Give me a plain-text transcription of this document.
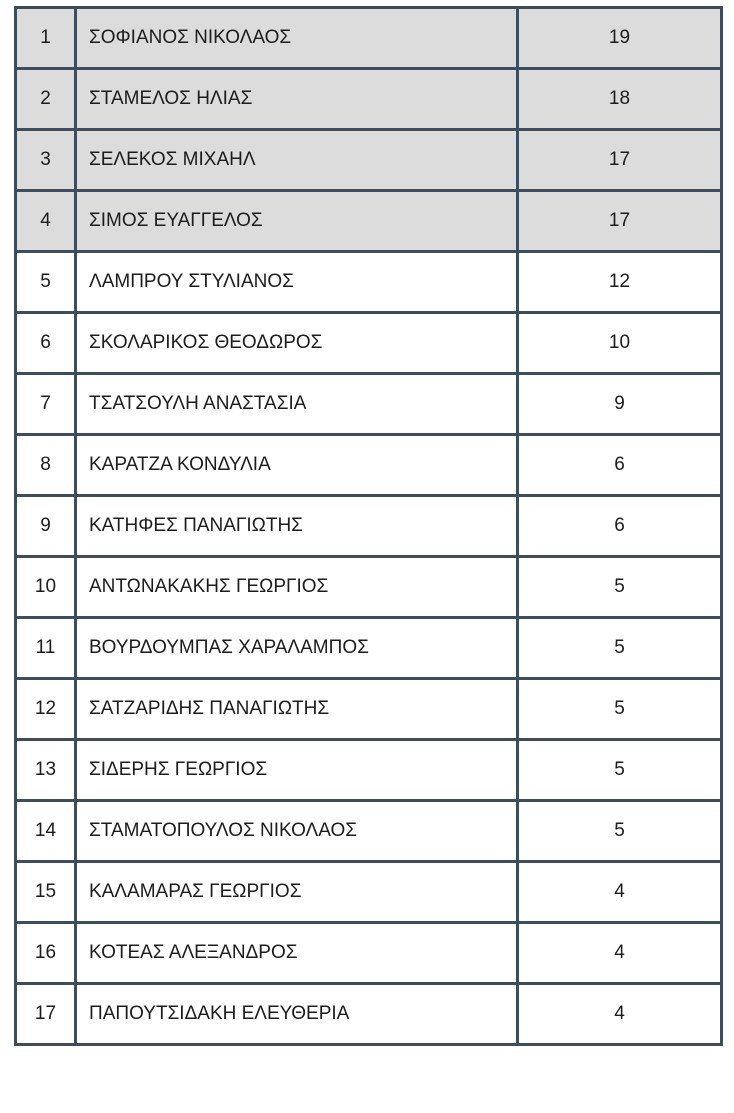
1	ΣΟΦΙΑΝΟΣ ΝΙΚΟΛΑΟΣ	19
2	ΣΤΑΜΕΛΟΣ ΗΛΙΑΣ	18
3	ΣΕΛΕΚΟΣ ΜΙΧΑΗΛ	17
4	ΣΙΜΟΣ ΕΥΑΓΓΕΛΟΣ	17
5	ΛΑΜΠΡΟΥ ΣΤΥΛΙΑΝΟΣ	12
6	ΣΚΟΛΑΡΙΚΟΣ ΘΕΟΔΩΡΟΣ	10
7	ΤΣΑΤΣΟΥΛΗ ΑΝΑΣΤΑΣΙΑ	9
8	ΚΑΡΑΤΖΑ ΚΟΝΔΥΛΙΑ	6
9	ΚΑΤΗΦΕΣ ΠΑΝΑΓΙΩΤΗΣ	6
10	ΑΝΤΩΝΑΚΑΚΗΣ ΓΕΩΡΓΙΟΣ	5
11	ΒΟΥΡΔΟΥΜΠΑΣ ΧΑΡΑΛΑΜΠΟΣ	5
12	ΣΑΤΖΑΡΙΔΗΣ ΠΑΝΑΓΙΩΤΗΣ	5
13	ΣΙΔΕΡΗΣ ΓΕΩΡΓΙΟΣ	5
14	ΣΤΑΜΑΤΟΠΟΥΛΟΣ ΝΙΚΟΛΑΟΣ	5
15	ΚΑΛΑΜΑΡΑΣ ΓΕΩΡΓΙΟΣ	4
16	ΚΟΤΕΑΣ ΑΛΕΞΑΝΔΡΟΣ	4
17	ΠΑΠΟΥΤΣΙΔΑΚΗ ΕΛΕΥΘΕΡΙΑ	4
